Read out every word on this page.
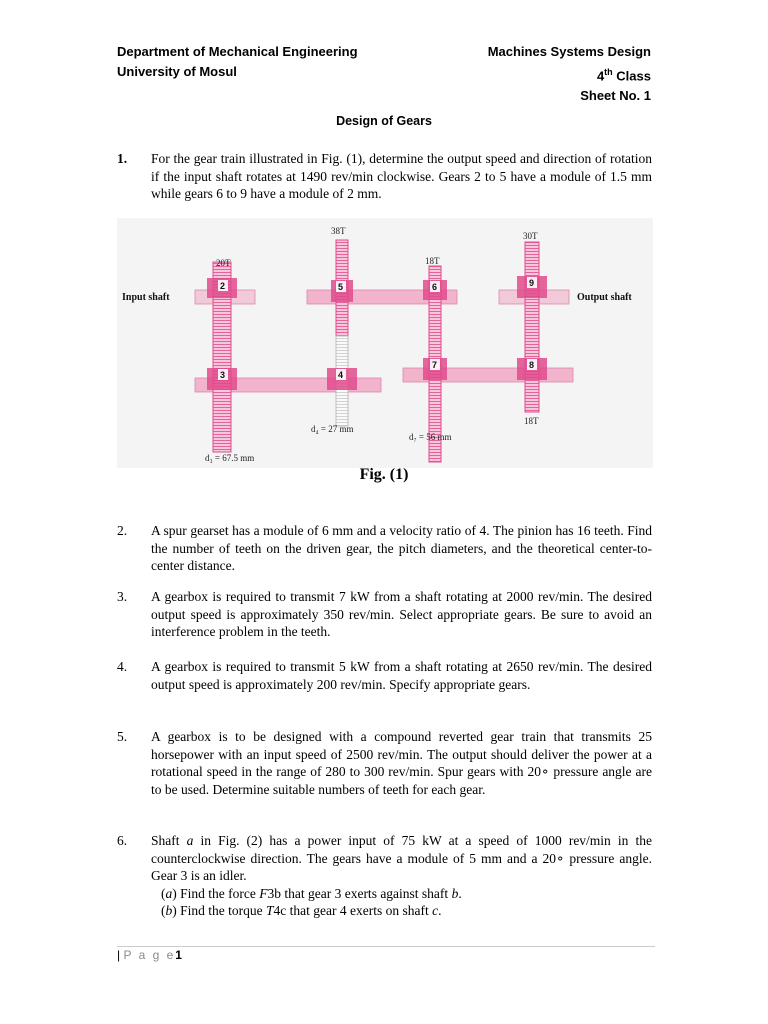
Department of Mechanical Engineering
University of Mosul
Machines Systems Design
4th Class
Sheet No. 1
Design of Gears
1. For the gear train illustrated in Fig. (1), determine the output speed and direction of rotation if the input shaft rotates at 1490 rev/min clockwise. Gears 2 to 5 have a module of 1.5 mm while gears 6 to 9 have a module of 2 mm.
20T
38T
18T
30T
18T
d₄ = 27 mm
d₇ = 56 mm
d₃ = 67.5 mm
Input shaft	Output shaft
2
3	4
5	6
7	8
9
Fig. (1)
2. A spur gearset has a module of 6 mm and a velocity ratio of 4. The pinion has 16 teeth. Find the number of teeth on the driven gear, the pitch diameters, and the theoretical center-to-center distance.
3. A gearbox is required to transmit 7 kW from a shaft rotating at 2000 rev/min. The desired output speed is approximately 350 rev/min. Select appropriate gears. Be sure to avoid an interference problem in the teeth.
4. A gearbox is required to transmit 5 kW from a shaft rotating at 2650 rev/min. The desired output speed is approximately 200 rev/min. Specify appropriate gears.
5. A gearbox is to be designed with a compound reverted gear train that transmits 25 horsepower with an input speed of 2500 rev/min. The output should deliver the power at a rotational speed in the range of 280 to 300 rev/min. Spur gears with 20∘ pressure angle are to be used. Determine suitable numbers of teeth for each gear.
6. Shaft a in Fig. (2) has a power input of 75 kW at a speed of 1000 rev/min in the counterclockwise direction. The gears have a module of 5 mm and a 20∘ pressure angle. Gear 3 is an idler.
(a) Find the force F3b that gear 3 exerts against shaft b.
(b) Find the torque T4c that gear 4 exerts on shaft c.
| P a g e1
